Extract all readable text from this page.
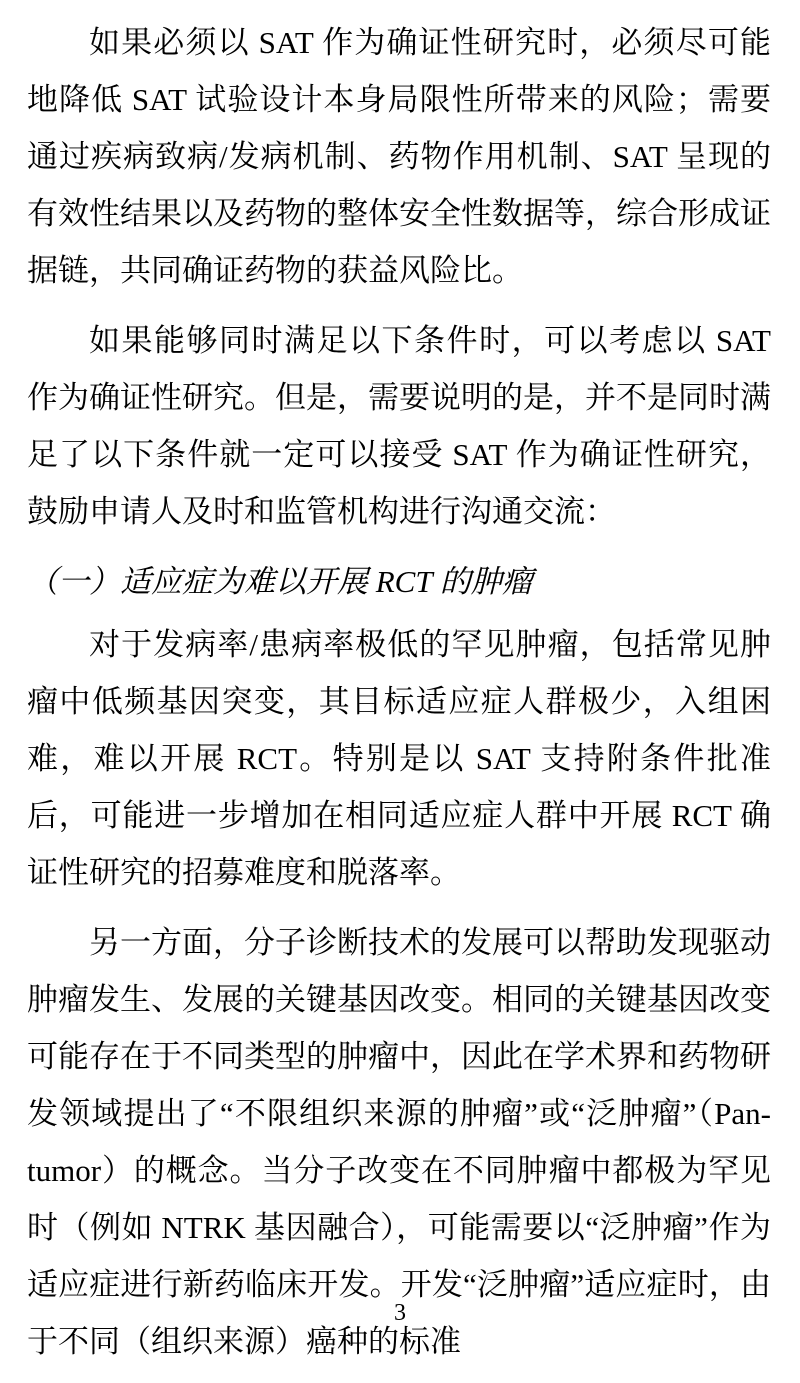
如果必须以 SAT 作为确证性研究时，必须尽可能地降低 SAT 试验设计本身局限性所带来的风险；需要通过疾病致病/发病机制、药物作用机制、SAT 呈现的有效性结果以及药物的整体安全性数据等，综合形成证据链，共同确证药物的获益风险比。

如果能够同时满足以下条件时，可以考虑以 SAT 作为确证性研究。但是，需要说明的是，并不是同时满足了以下条件就一定可以接受 SAT 作为确证性研究，鼓励申请人及时和监管机构进行沟通交流：

（一）适应症为难以开展 RCT 的肿瘤

对于发病率/患病率极低的罕见肿瘤，包括常见肿瘤中低频基因突变，其目标适应症人群极少，入组困难，难以开展 RCT。特别是以 SAT 支持附条件批准后，可能进一步增加在相同适应症人群中开展 RCT 确证性研究的招募难度和脱落率。

另一方面，分子诊断技术的发展可以帮助发现驱动肿瘤发生、发展的关键基因改变。相同的关键基因改变可能存在于不同类型的肿瘤中，因此在学术界和药物研发领域提出了“不限组织来源的肿瘤”或“泛肿瘤”（Pan-tumor）的概念。当分子改变在不同肿瘤中都极为罕见时（例如 NTRK 基因融合），可能需要以“泛肿瘤”作为适应症进行新药临床开发。开发“泛肿瘤”适应症时，由于不同（组织来源）癌种的标准

3
